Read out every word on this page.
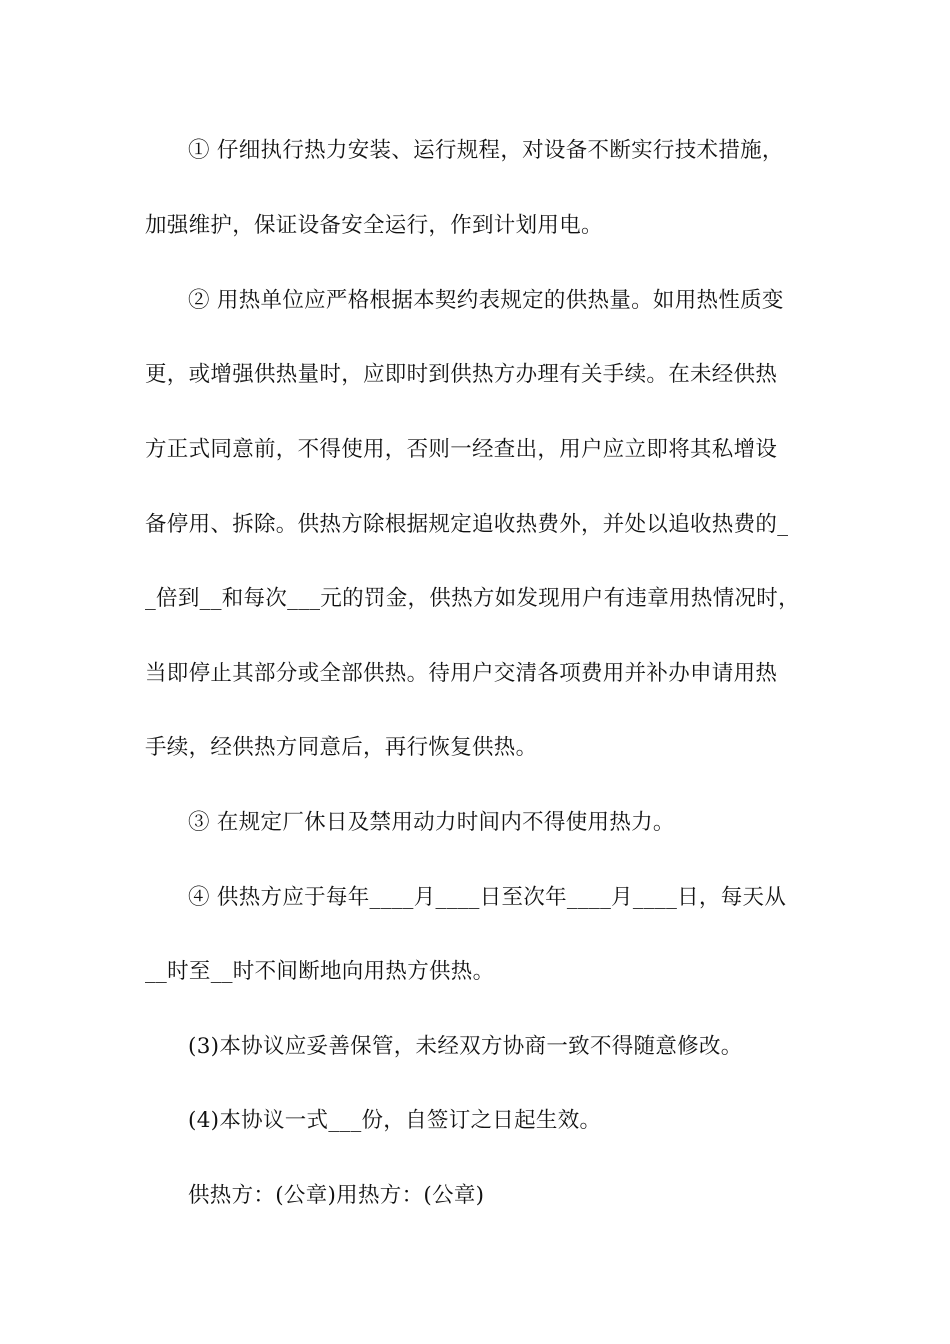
① 仔细执行热力安装、运行规程，对设备不断实行技术措施，
加强维护，保证设备安全运行，作到计划用电。
② 用热单位应严格根据本契约表规定的供热量。如用热性质变
更，或增强供热量时，应即时到供热方办理有关手续。在未经供热
方正式同意前，不得使用，否则一经查出，用户应立即将其私增设
备停用、拆除。供热方除根据规定追收热费外，并处以追收热费的_
_倍到__和每次___元的罚金，供热方如发现用户有违章用热情况时，
当即停止其部分或全部供热。待用户交清各项费用并补办申请用热
手续，经供热方同意后，再行恢复供热。
③ 在规定厂休日及禁用动力时间内不得使用热力。
④ 供热方应于每年____月____日至次年____月____日，每天从
__时至__时不间断地向用热方供热。
(3)本协议应妥善保管，未经双方协商一致不得随意修改。
(4)本协议一式___份，自签订之日起生效。
供热方：(公章)用热方：(公章)
